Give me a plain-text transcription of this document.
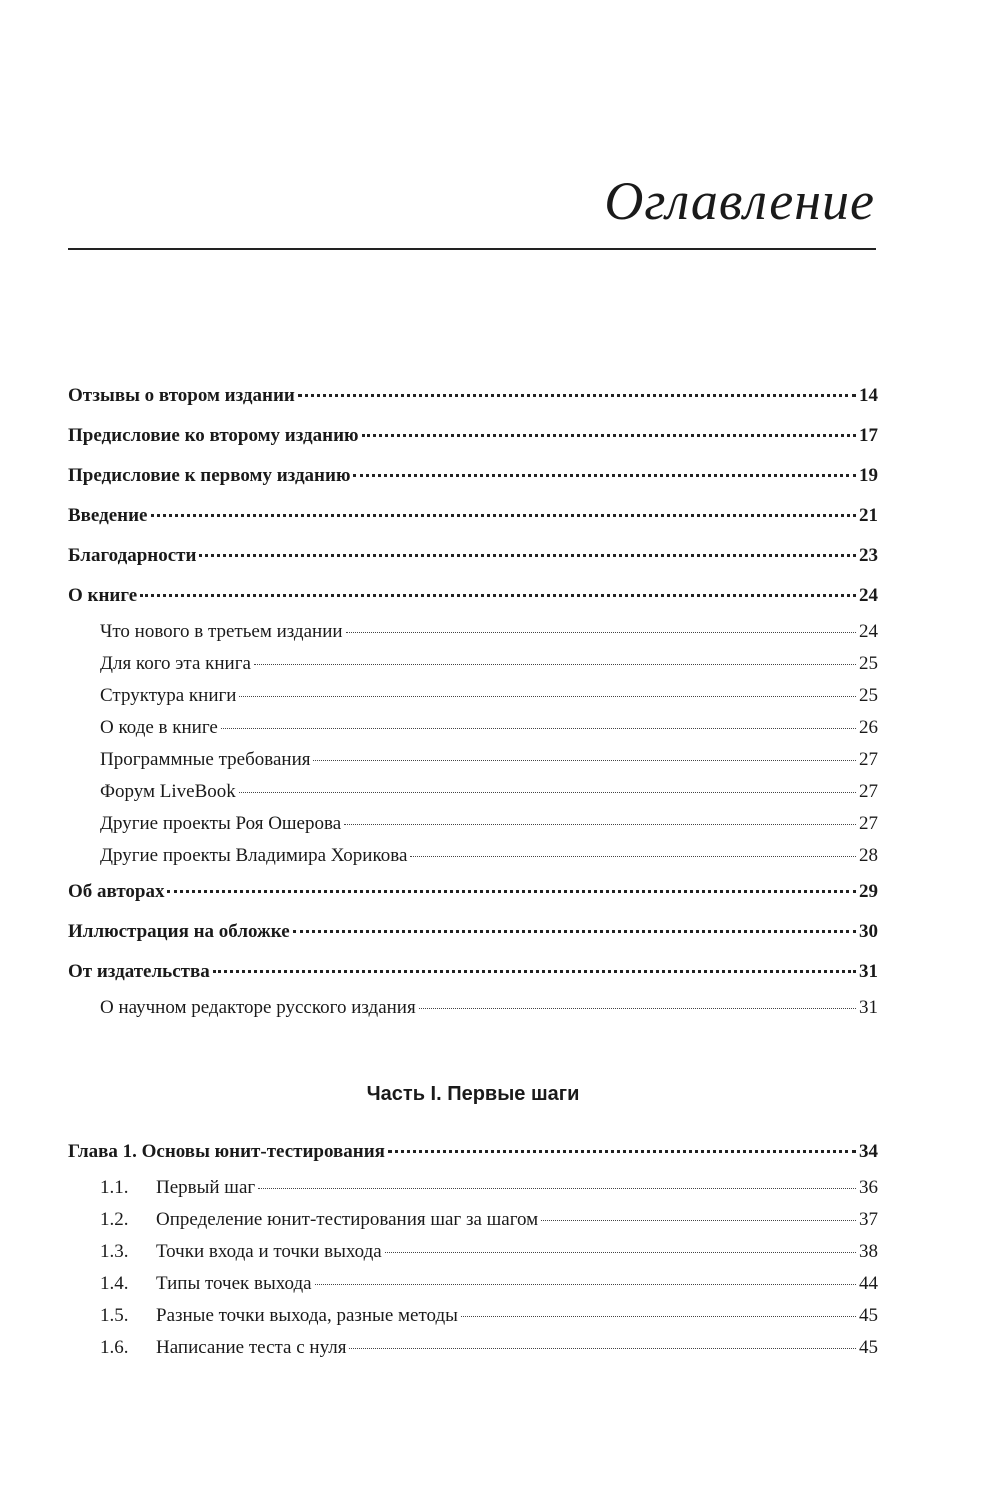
Оглавление
Отзывы о втором издании	14
Предисловие ко второму изданию	17
Предисловие к первому изданию	19
Введение	21
Благодарности	23
О книге	24
Что нового в третьем издании	24
Для кого эта книга	25
Структура книги	25
О коде в книге	26
Программные требования	27
Форум LiveBook	27
Другие проекты Роя Ошерова	27
Другие проекты Владимира Хорикова	28
Об авторах	29
Иллюстрация на обложке	30
От издательства	31
О научном редакторе русского издания	31
Часть I. Первые шаги
Глава 1. Основы юнит-тестирования	34
1.1. Первый шаг	36
1.2. Определение юнит-тестирования шаг за шагом	37
1.3. Точки входа и точки выхода	38
1.4. Типы точек выхода	44
1.5. Разные точки выхода, разные методы	45
1.6. Написание теста с нуля	45
